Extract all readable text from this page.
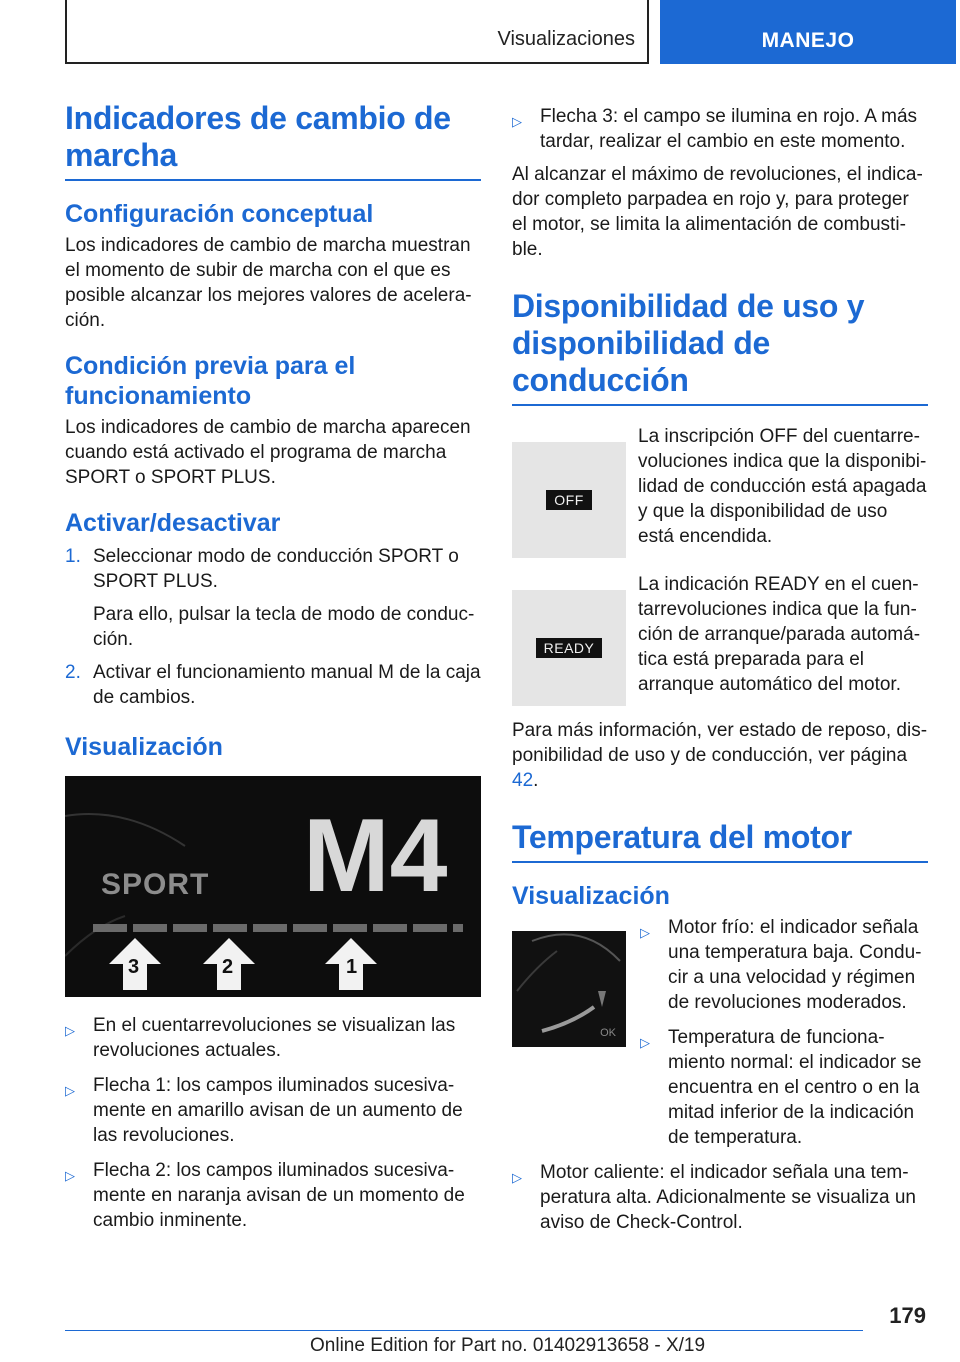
Visualizaciones	MANEJO
Indicadores de cambio de marcha
Configuración conceptual

Los indicadores de cambio de marcha muestran el momento de subir de marcha con el que es posible alcanzar los mejores valores de aceleración.

Condición previa para el funcionamiento

Los indicadores de cambio de marcha aparecen cuando está activado el programa de marcha SPORT o SPORT PLUS.

Activar/desactivar
1. Seleccionar modo de conducción SPORT o SPORT PLUS.
Para ello, pulsar la tecla de modo de conducción.
2. Activar el funcionamiento manual M de la caja de cambios.
Visualización
SPORT M4
3	2	1
▷ En el cuentarrevoluciones se visualizan las revoluciones actuales.
▷ Flecha 1: los campos iluminados sucesivamente en amarillo avisan de un aumento de las revoluciones.
▷ Flecha 2: los campos iluminados sucesivamente en naranja avisan de un momento de cambio inminente.
▷ Flecha 3: el campo se ilumina en rojo. A más tardar, realizar el cambio en este momento.

Al alcanzar el máximo de revoluciones, el indicador completo parpadea en rojo y, para proteger el motor, se limita la alimentación de combustible.

Disponibilidad de uso y disponibilidad de conducción
OFF

La inscripción OFF del cuentarrevoluciones indica que la disponibilidad de conducción está apagada y que la disponibilidad de uso está encendida.

READY

La indicación READY en el cuentarrevoluciones indica que la función de arranque/parada automática está preparada para el arranque automático del motor.

Para más información, ver estado de reposo, disponibilidad de uso y de conducción, ver página 42.

Temperatura del motor
Visualización
OK
▷ Motor frío: el indicador señala una temperatura baja. Conducir a una velocidad y régimen de revoluciones moderados.
▷ Temperatura de funcionamiento normal: el indicador se encuentra en el centro o en la mitad inferior de la indicación de temperatura.
▷ Motor caliente: el indicador señala una temperatura alta. Adicionalmente se visualiza un aviso de Check-Control.
179
Online Edition for Part no. 01402913658 - X/19
